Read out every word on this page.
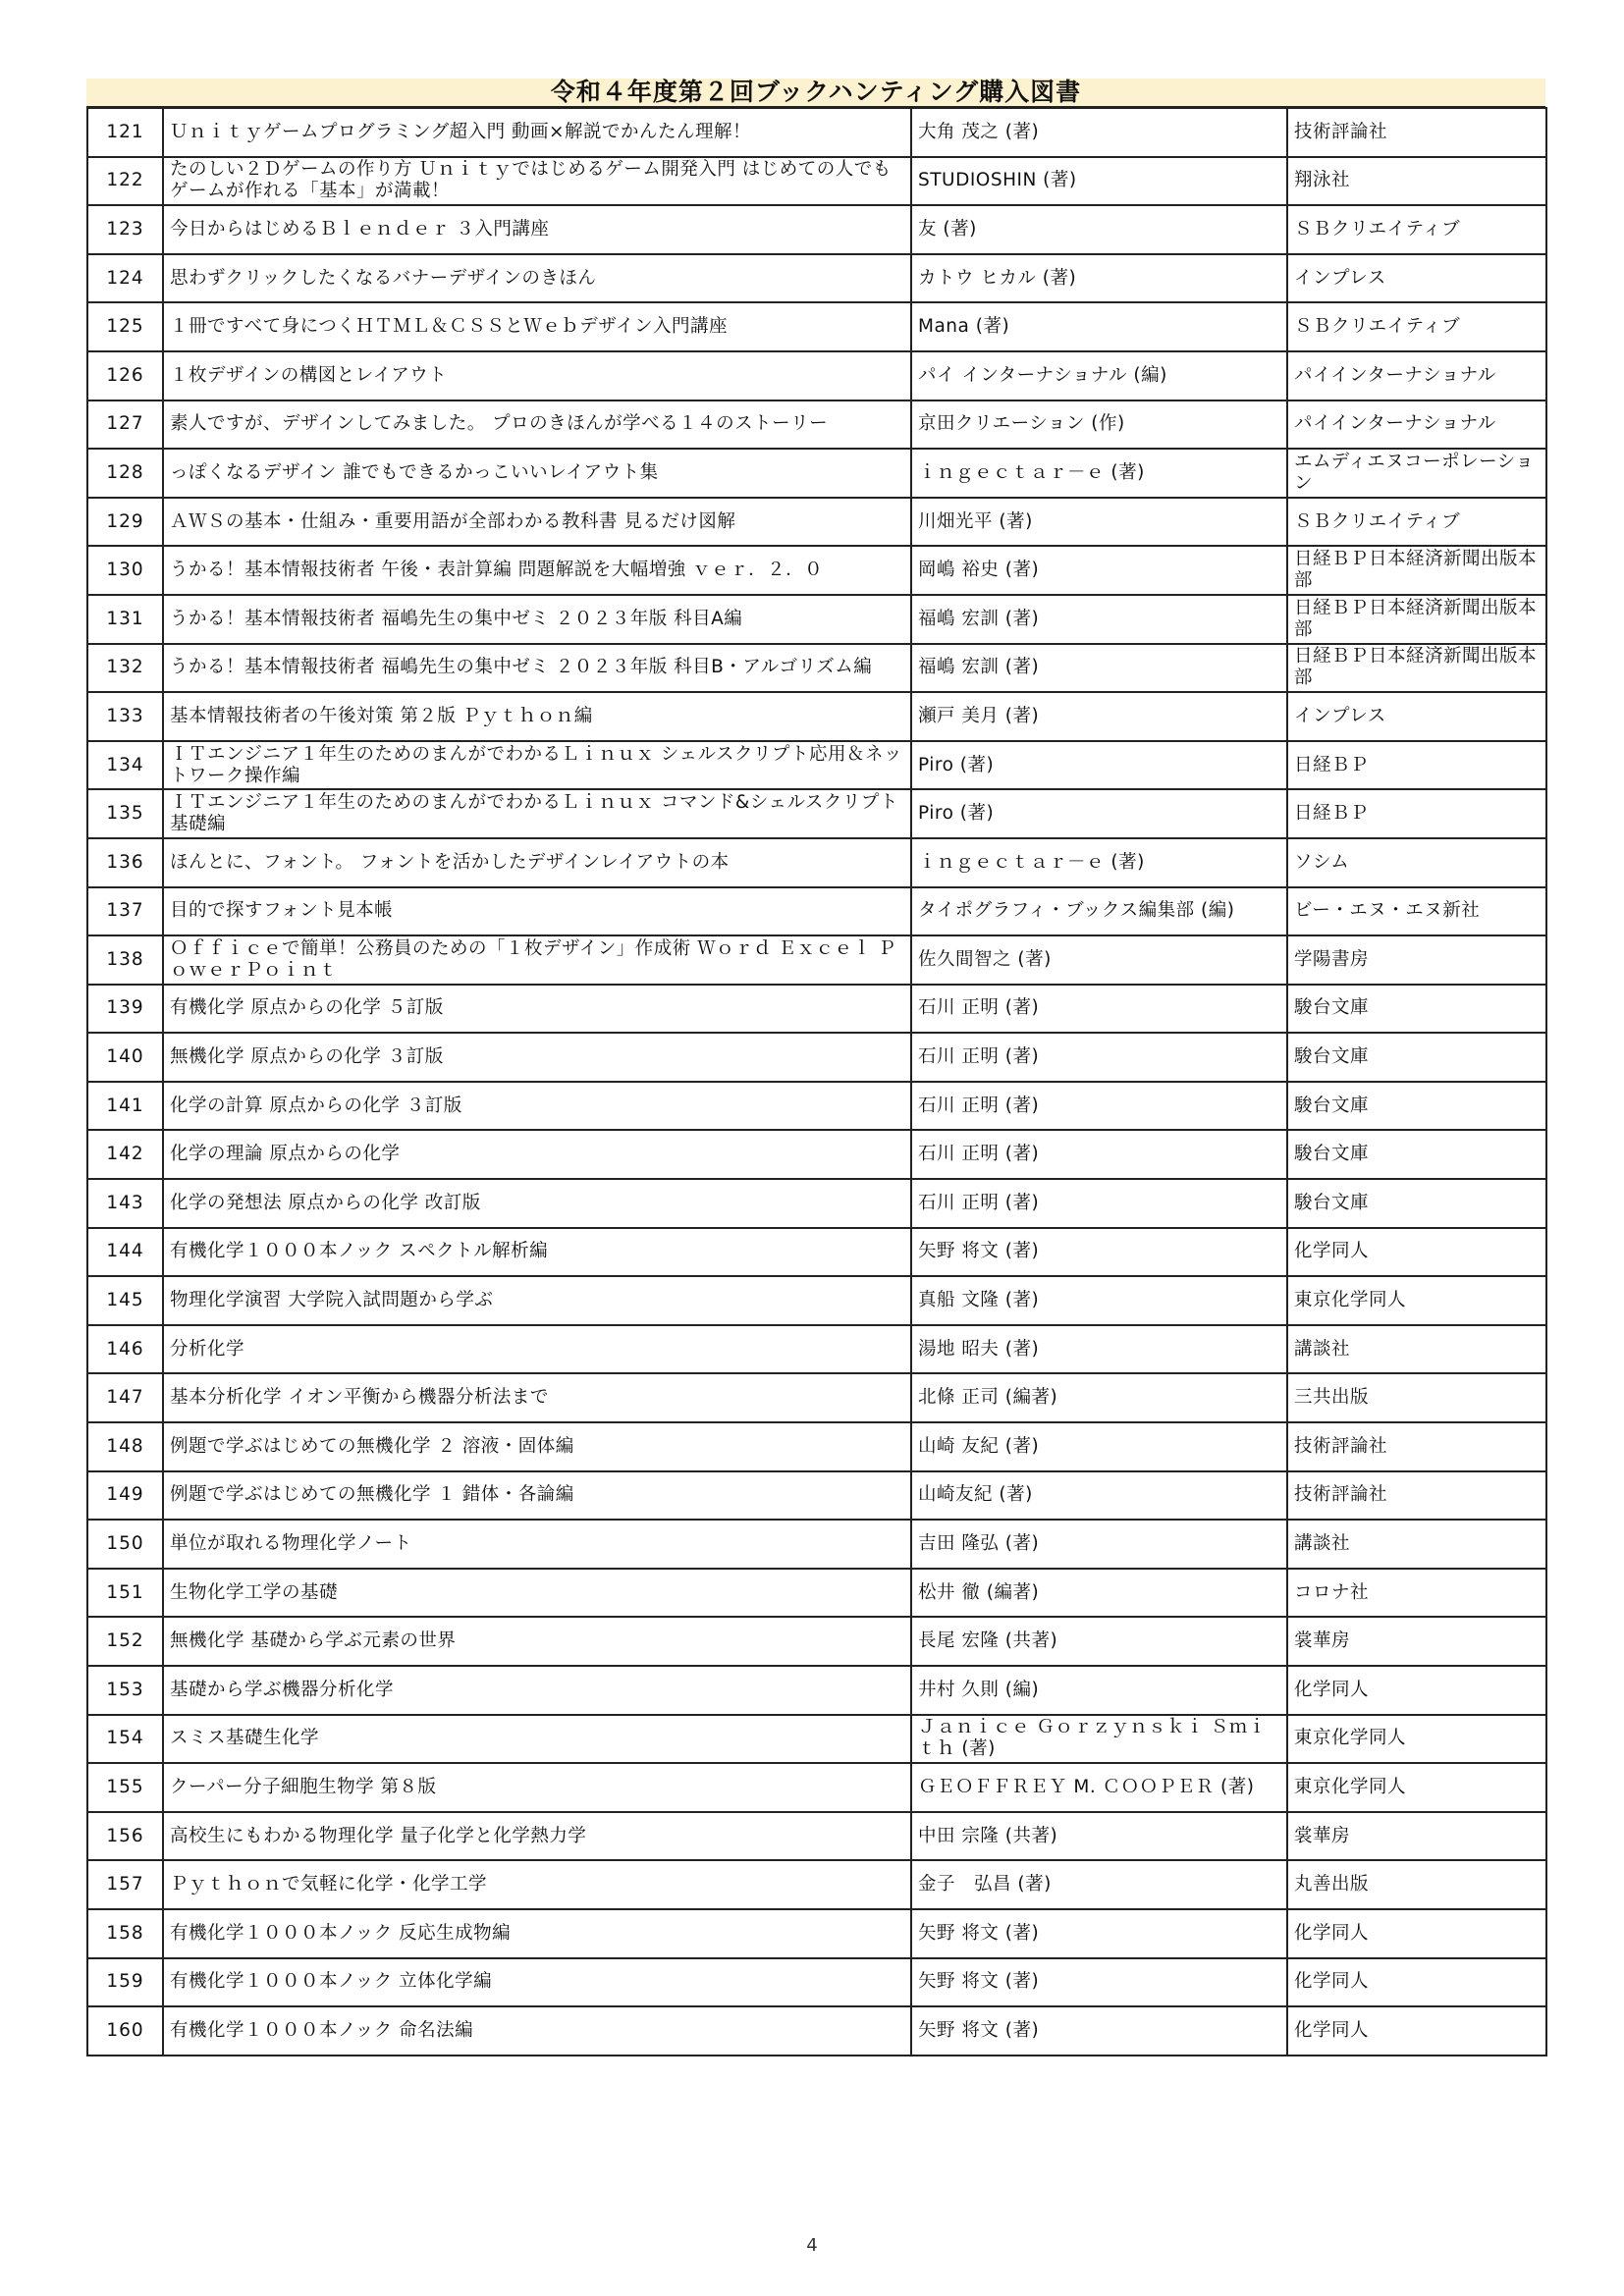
令和４年度第２回ブックハンティング購入図書
121	Ｕｎｉｔｙゲームプログラミング超入門 動画×解説でかんたん理解！	大角 茂之 (著)	技術評論社
122	たのしい２Ｄゲームの作り方 Ｕｎｉｔｙではじめるゲーム開発入門 はじめての人でもゲームが作れる「基本」が満載！	STUDIOSHIN (著)	翔泳社
123	今日からはじめるＢｌｅｎｄｅｒ ３入門講座	友 (著)	ＳＢクリエイティブ
124	思わずクリックしたくなるバナーデザインのきほん	カトウ ヒカル (著)	インプレス
125	１冊ですべて身につくＨＴＭＬ＆ＣＳＳとＷｅｂデザイン入門講座	Mana (著)	ＳＢクリエイティブ
126	１枚デザインの構図とレイアウト	パイ インターナショナル (編)	パイインターナショナル
127	素人ですが、デザインしてみました。 プロのきほんが学べる１４のストーリー	京田クリエーション (作)	パイインターナショナル
128	っぽくなるデザイン 誰でもできるかっこいいレイアウト集	ｉｎｇｅｃｔａｒ－ｅ (著)	エムディエヌコーポレーション
129	ＡＷＳの基本・仕組み・重要用語が全部わかる教科書 見るだけ図解	川畑光平 (著)	ＳＢクリエイティブ
130	うかる！基本情報技術者 午後・表計算編 問題解説を大幅増強 ｖｅｒ．２．０	岡嶋 裕史 (著)	日経ＢＰ日本経済新聞出版本部
131	うかる！基本情報技術者 福嶋先生の集中ゼミ ２０２３年版 科目A編	福嶋 宏訓 (著)	日経ＢＰ日本経済新聞出版本部
132	うかる！基本情報技術者 福嶋先生の集中ゼミ ２０２３年版 科目B・アルゴリズム編	福嶋 宏訓 (著)	日経ＢＰ日本経済新聞出版本部
133	基本情報技術者の午後対策 第２版 Ｐｙｔｈｏｎ編	瀬戸 美月 (著)	インプレス
134	ＩＴエンジニア１年生のためのまんがでわかるＬｉｎｕｘ シェルスクリプト応用＆ネットワーク操作編	Piro (著)	日経ＢＰ
135	ＩＴエンジニア１年生のためのまんがでわかるＬｉｎｕｘ コマンド&シェルスクリプト基礎編	Piro (著)	日経ＢＰ
136	ほんとに、フォント。 フォントを活かしたデザインレイアウトの本	ｉｎｇｅｃｔａｒ－ｅ (著)	ソシム
137	目的で探すフォント見本帳	タイポグラフィ・ブックス編集部 (編)	ビー・エヌ・エヌ新社
138	Ｏｆｆｉｃｅで簡単！公務員のための「１枚デザイン」作成術 Ｗｏｒｄ Ｅｘｃｅｌ ＰｏｗｅｒＰｏｉｎｔ	佐久間智之 (著)	学陽書房
139	有機化学 原点からの化学 ５訂版	石川 正明 (著)	駿台文庫
140	無機化学 原点からの化学 ３訂版	石川 正明 (著)	駿台文庫
141	化学の計算 原点からの化学 ３訂版	石川 正明 (著)	駿台文庫
142	化学の理論 原点からの化学	石川 正明 (著)	駿台文庫
143	化学の発想法 原点からの化学 改訂版	石川 正明 (著)	駿台文庫
144	有機化学１０００本ノック スペクトル解析編	矢野 将文 (著)	化学同人
145	物理化学演習 大学院入試問題から学ぶ	真船 文隆 (著)	東京化学同人
146	分析化学	湯地 昭夫 (著)	講談社
147	基本分析化学 イオン平衡から機器分析法まで	北條 正司 (編著)	三共出版
148	例題で学ぶはじめての無機化学 ２ 溶液・固体編	山崎 友紀 (著)	技術評論社
149	例題で学ぶはじめての無機化学 １ 錯体・各論編	山崎友紀 (著)	技術評論社
150	単位が取れる物理化学ノート	吉田 隆弘 (著)	講談社
151	生物化学工学の基礎	松井 徹 (編著)	コロナ社
152	無機化学 基礎から学ぶ元素の世界	長尾 宏隆 (共著)	裳華房
153	基礎から学ぶ機器分析化学	井村 久則 (編)	化学同人
154	スミス基礎生化学	Ｊａｎｉｃｅ Ｇｏｒｚｙｎｓｋｉ Ｓｍｉｔｈ (著)	東京化学同人
155	クーパー分子細胞生物学 第８版	ＧＥＯＦＦＲＥＹ M. ＣＯＯＰＥＲ (著)	東京化学同人
156	高校生にもわかる物理化学 量子化学と化学熱力学	中田 宗隆 (共著)	裳華房
157	Ｐｙｔｈｏｎで気軽に化学・化学工学	金子　弘昌 (著)	丸善出版
158	有機化学１０００本ノック 反応生成物編	矢野 将文 (著)	化学同人
159	有機化学１０００本ノック 立体化学編	矢野 将文 (著)	化学同人
160	有機化学１０００本ノック 命名法編	矢野 将文 (著)	化学同人
4
